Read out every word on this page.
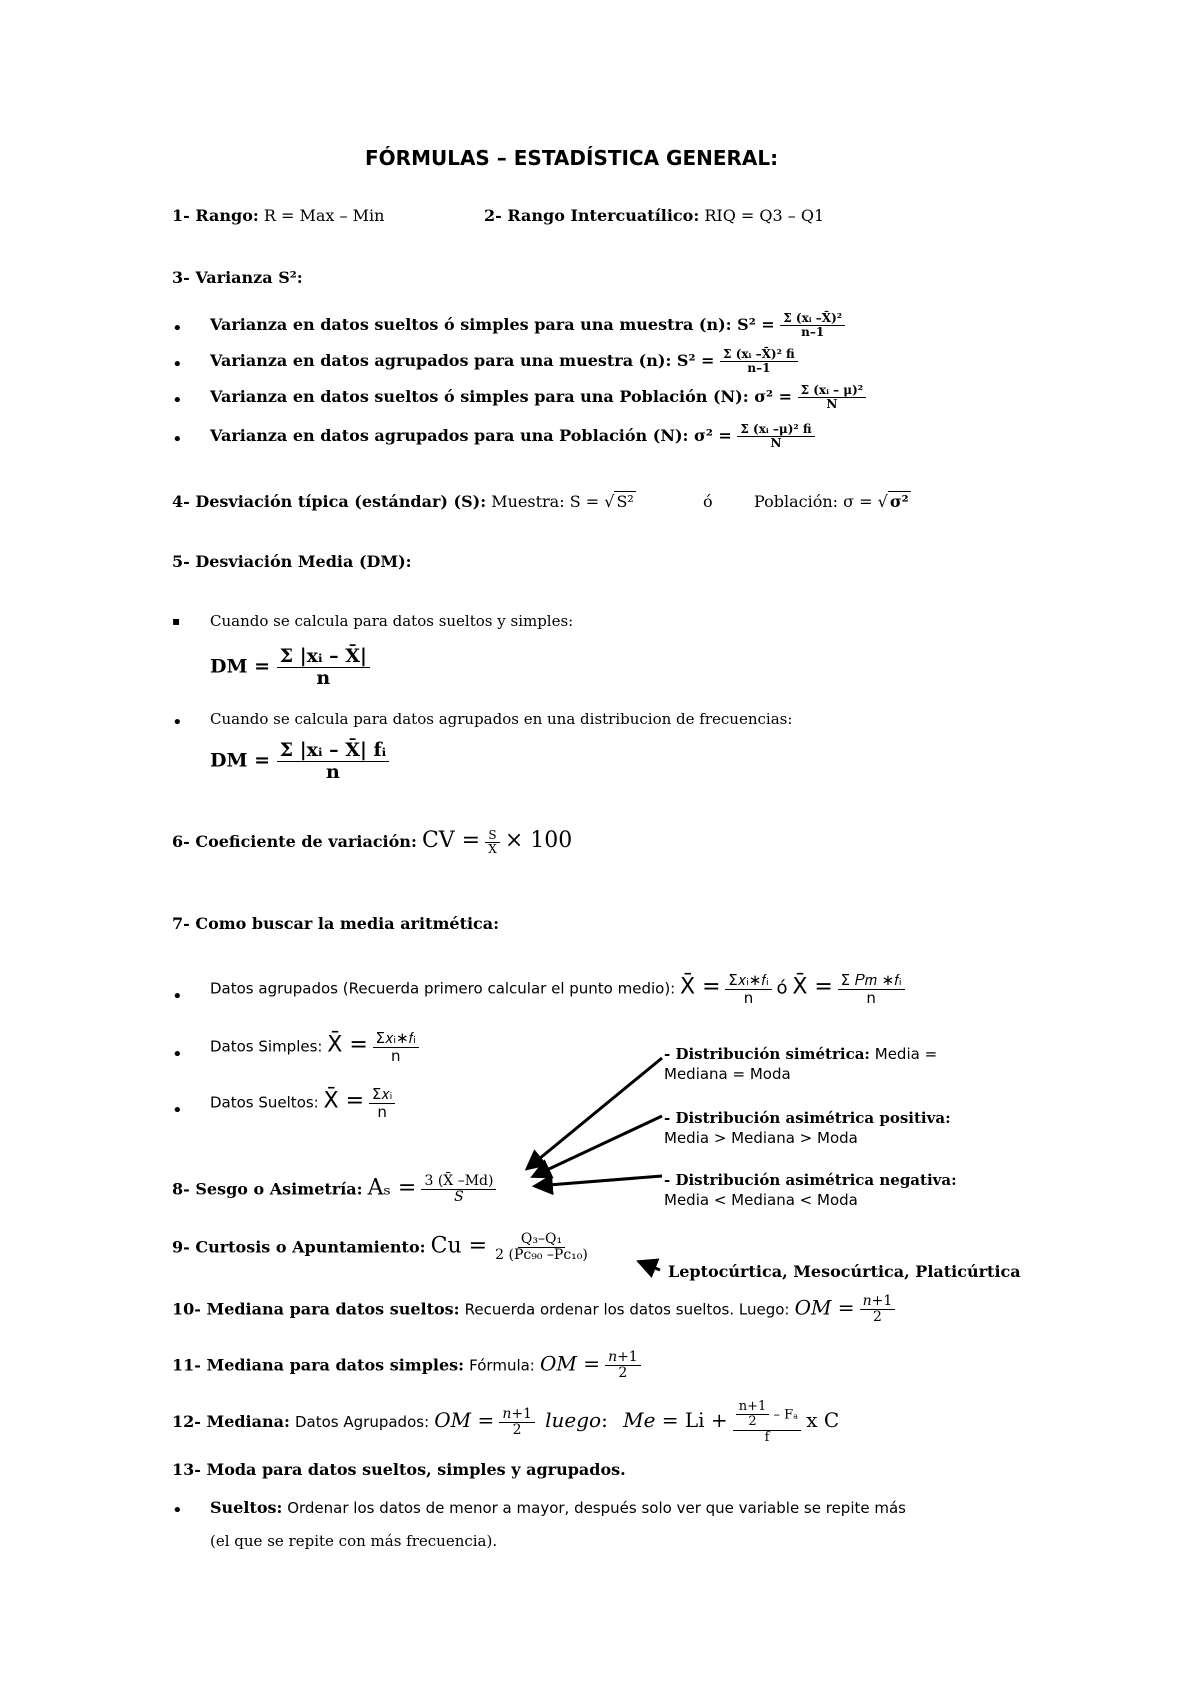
FÓRMULAS – ESTADÍSTICA GENERAL:
1- Rango: R = Max – Min	2- Rango Intercuatílico: RIQ = Q3 – Q1
3- Varianza S²:
• Varianza en datos sueltos ó simples para una muestra (n): $S^2 = \frac{\text{Σ (xᵢ –X̄)²}}{n-1}$
• Varianza en datos agrupados para una muestra (n): $S^2 = \frac{\text{Σ (xᵢ –X̄)² fi}}{n-1}$
• Varianza en datos sueltos ó simples para una Población (N): $\sigma^2 = \frac{\text{Σ (xᵢ – μ)²}}{N}$
• Varianza en datos agrupados para una Población (N): $\sigma^2 = \frac{\text{Σ (xᵢ –μ)² fi}}{N}$
4- Desviación típica (estándar) (S): Muestra: S = √ S²	ó	Población: σ = √ σ²
5- Desviación Media (DM):
▪ Cuando se calcula para datos sueltos y simples:
DM = $\frac{\text{Σ |xᵢ – X̄|}}{n}$
• Cuando se calcula para datos agrupados en una distribucion de frecuencias:
DM = $\frac{\text{Σ |xᵢ – X̄| fᵢ}}{n}$
6- Coeficiente de variación: CV = $\frac{S}{X̄} \times 100$
7- Como buscar la media aritmética:
• Datos agrupados (Recuerda primero calcular el punto medio): X̄ = $\frac{\text{Σ𝑥ᵢ∗𝑓ᵢ}}{n}$ ó X̄ = $\frac{\text{Σ 𝑃𝑚 ∗𝑓ᵢ}}{n}$
• Datos Simples: X̄ = $\frac{\text{Σ𝑥ᵢ∗𝑓ᵢ}}{n}$
• Datos Sueltos: X̄ = $\frac{\text{Σ𝑥ᵢ}}{n}$
- Distribución simétrica: Media =
Mediana = Moda
- Distribución asimétrica positiva:
Media > Mediana > Moda
- Distribución asimétrica negativa:
Media < Mediana < Moda
8- Sesgo o Asimetría: $A_s = \frac{3 (X̄ -Md)}{S}$
9- Curtosis o Apuntamiento: $Cu = \frac{\text{Q₃–Q₁}}{\text{2 (Pc₉₀ –Pc₁₀)}}$
Leptocúrtica, Mesocúrtica, Platicúrtica
10- Mediana para datos sueltos: Recuerda ordenar los datos sueltos. Luego: 𝑂𝑀 = $\frac{\text{𝑛+1}}{2}$
11- Mediana para datos simples: Fórmula: 𝑂𝑀 = $\frac{\text{𝑛+1}}{2}$
12- Mediana: Datos Agrupados: 𝑂𝑀 = $\frac{\text{𝑛+1}}{2}$ 𝑙𝑢𝑒𝑔𝑜: 𝑀𝑒 = $Li + \frac{\frac{n+1}{2} - F_a}{f}$ x C
13- Moda para datos sueltos, simples y agrupados.
• Sueltos: Ordenar los datos de menor a mayor, después solo ver que variable se repite más
(el que se repite con más frecuencia).
